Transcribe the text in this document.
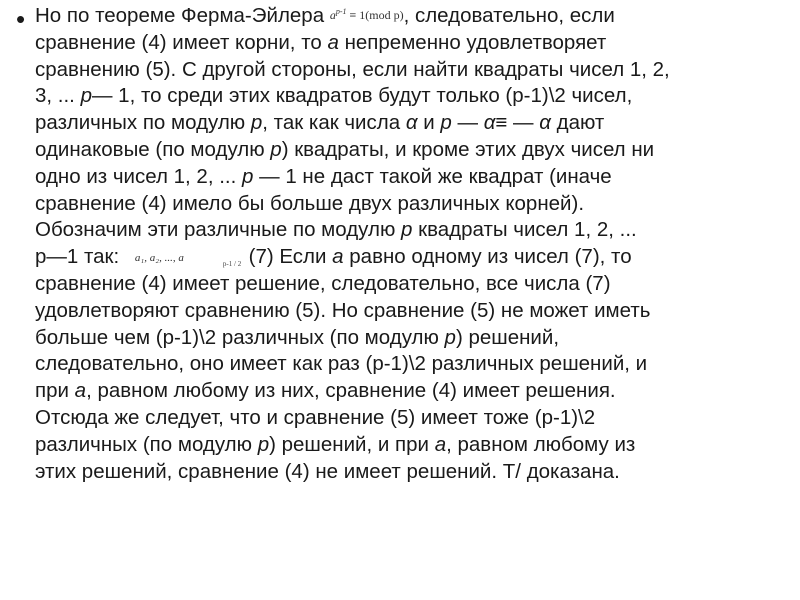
• Но по теореме Ферма-Эйлера $a^{p-1} \equiv 1(mod$ p), следовательно, если
сравнение (4) имеет корни, то a непременно удовлетворяет
сравнению (5). С другой стороны, если найти квадраты чисел 1, 2,
3, ... p— 1, то среди этих квадратов будут только (p-1)\2 чисел,
различных по модулю p, так как числа α и p — α≡ — α дают
одинаковые (по модулю p) квадраты, и кроме этих двух чисел ни
одно из чисел 1, 2, ... p — 1 не даст такой же квадрат (иначе
сравнение (4) имело бы больше двух различных корней).
Обозначим эти различные по модулю p квадраты чисел 1, 2, ...
p—1 так: a₁, a₂, ..., a	p-1 / 2 (7) Если a равно одному из чисел (7), то
сравнение (4) имеет решение, следовательно, все числа (7)
удовлетворяют сравнению (5). Но сравнение (5) не может иметь
больше чем (p-1)\2 различных (по модулю p) решений,
следовательно, оно имеет как раз (p-1)\2 различных решений, и
при a, равном любому из них, сравнение (4) имеет решения.
Отсюда же следует, что и сравнение (5) имеет тоже (p-1)\2
различных (по модулю p) решений, и при a, равном любому из
этих решений, сравнение (4) не имеет решений. Т/ доказана.
